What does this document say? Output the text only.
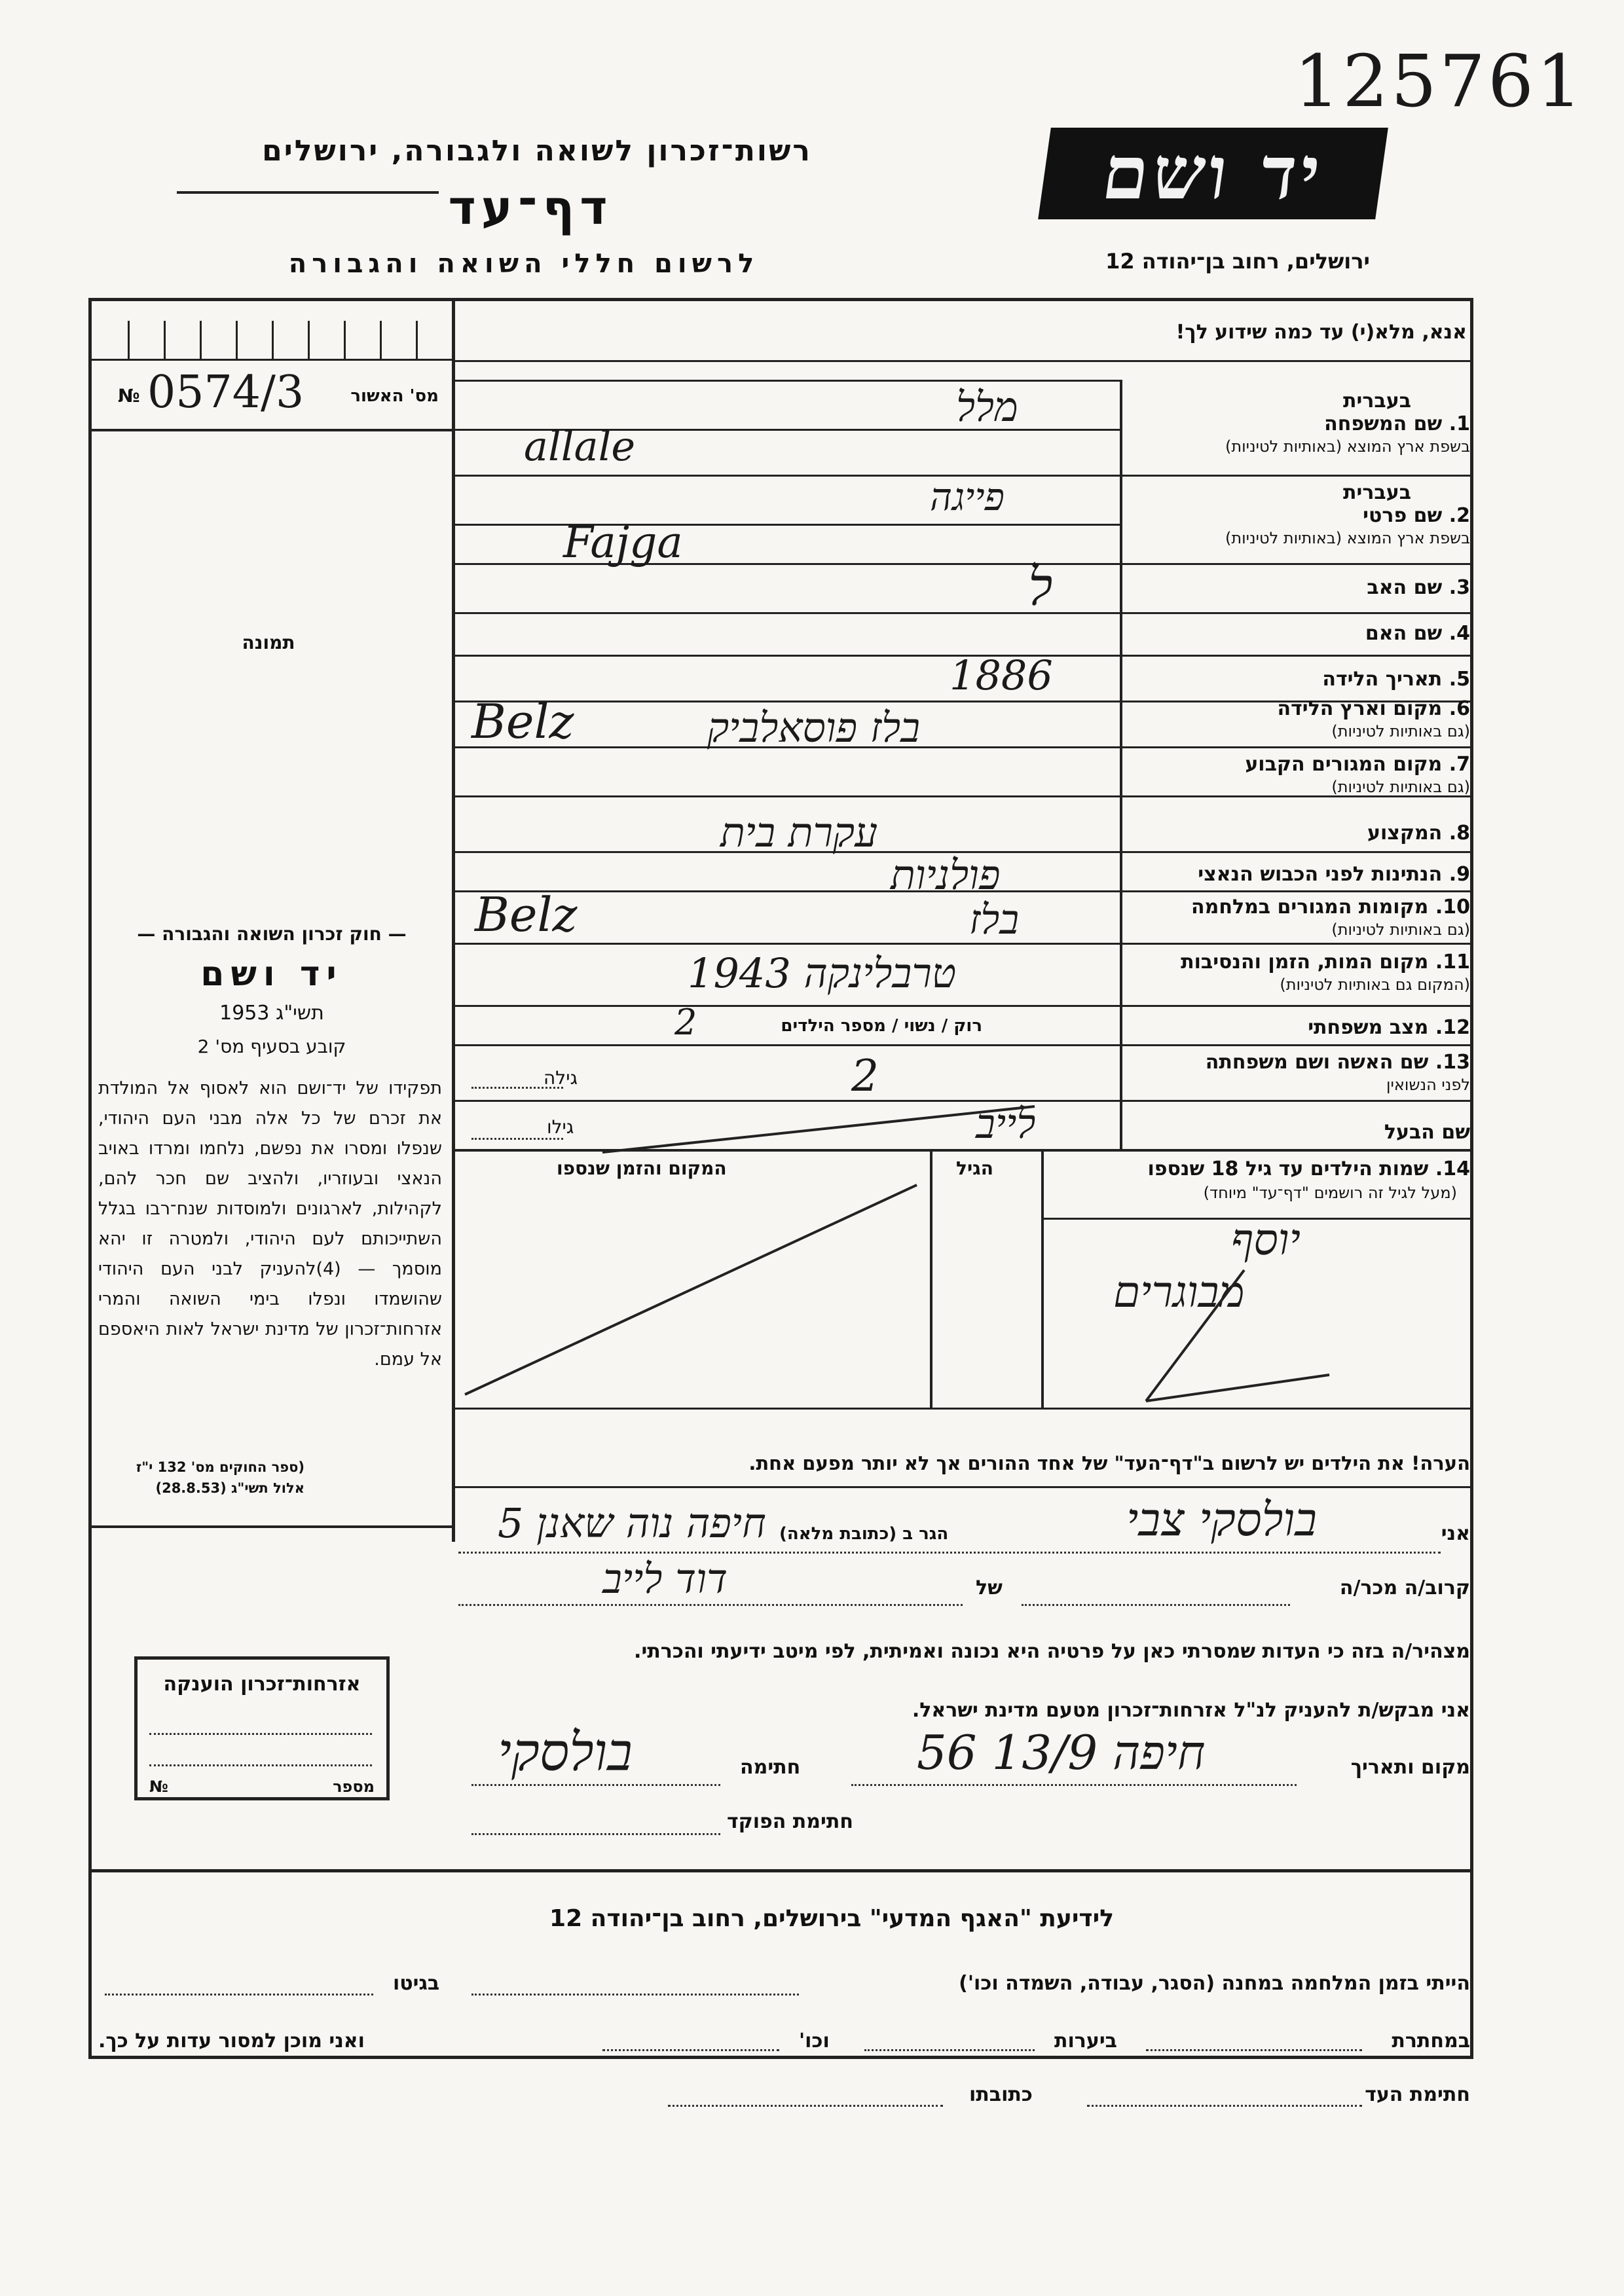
125761
רשות־זכרון לשואה ולגבורה, ירושלים
דף־עד
לרשום חללי השואה והגבורה
יד ושם
ירושלים, רחוב בן־יהודה 12
№ 0574/3	מס' האשור
תמונה
— חוק זכרון השואה והגבורה —
יד ושם
תשי"ג 1953
קובע בסעיף מס' 2
תפקידו של יד־ושם הוא לאסוף אל המולדת את זכרם של כל אלה מבני העם היהודי, שנפלו ומסרו את נפשם, נלחמו ומרדו באויב הנאצי ובעוזריו, ולהציב שם חכר להם, לקהילות, לארגונים ולמוסדות שנח־רבו בגלל השתייכותם לעם היהודי, ולמטרה זו יהא מוסמך — (4)להעניק לבני העם היהודי שהושמדו ונפלו בימי השואה והמרי אזרחות־זכרון של מדינת ישראל לאות היאספם אל עמם.
(ספר החוקים מס' 132 י"ז אלול תשי"ג (28.8.53)
אזרחות־זכרון הוענקה
מספר
№
אנא, מלא(י) עד כמה שידוע לך!
בעברית
1. שם המשפחה
בשפת ארץ המוצא (באותיות לטיניות)
מלל
allale
בעברית
2. שם פרטי
בשפת ארץ המוצא (באותיות לטיניות)
פייגה
Fajga
3. שם האב
ל
4. שם האם
5. תאריך הלידה
1886
6. מקום וארץ הלידה
(גם באותיות לטיניות)
בלז פוסאלביק
Belz
7. מקום המגורים הקבוע
(גם באותיות לטיניות)
8. המקצוע
עקרת בית
9. הנתינות לפני הכבוש הנאצי
פולניות
10. מקומות המגורים במלחמה
(גם באותיות לטיניות)
בלז
Belz
11. מקום המות, הזמן והנסיבות
(המקום גם באותיות לטיניות)
טרבלינקה 1943
12. מצב משפחתי
רוק / נשוי / מספר הילדים
2
13. שם האשה ושם משפחתה
לפני הנשואין
גילה	2
שם הבעל
גילו	לייב
14. שמות הילדים עד גיל 18 שנספו
(מעל לגיל זה רושמים "דף־עד" מיוחד)
הגיל
המקום והזמן שנספו
יוסף
מבוגרים
הערה! את הילדים יש לרשום ב"דף־העד" של אחד ההורים אך לא יותר מפעם אחת.
אני
בולסקי צבי
הגר ב (כתובת מלאה)
חיפה נוה שאנן 5
קרוב/ה מכר/ה
של
דוד לייב
מצהיר/ה בזה כי העדות שמסרתי כאן על פרטיה היא נכונה ואמיתית, לפי מיטב ידיעתי והכרתי.
אני מבקש/ת להעניק לנ"ל אזרחות־זכרון מטעם מדינת ישראל.
מקום ותאריך
חיפה 13/9 56
חתימה
בולסקי
חתימת הפוקד
לידיעת "האגף המדעי" בירושלים, רחוב בן־יהודה 12
הייתי בזמן המלחמה במחנה (הסגר, עבודה, השמדה וכו')
בגיטו
במחתרת
ביערות
וכו'
ואני מוכן למסור עדות על כך.
חתימת העד
כתובתו
